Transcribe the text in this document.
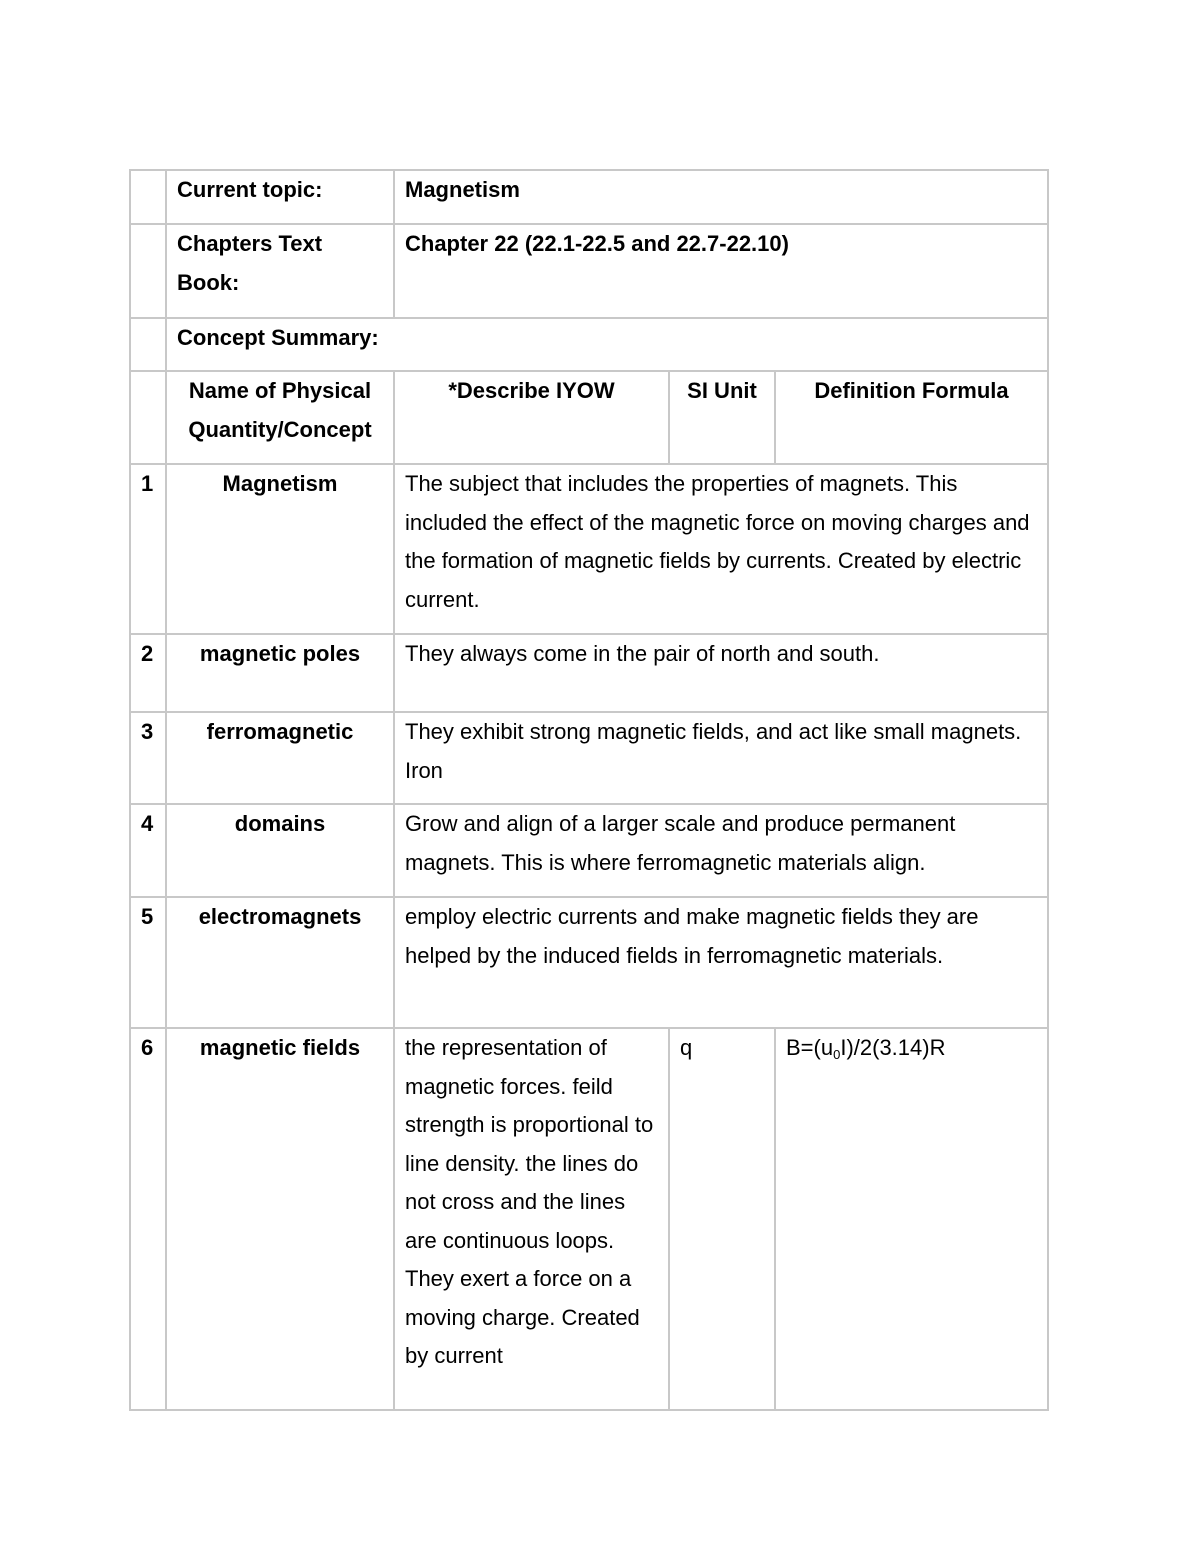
	Current topic:	Magnetism		
	Chapters Text Book:	Chapter 22 (22.1-22.5 and 22.7-22.10)		
	Concept Summary:			
	Name of Physical Quantity/Concept	*Describe IYOW	SI Unit	Definition Formula
1	Magnetism	The subject that includes the properties of magnets. This included the effect of the magnetic force on moving charges and the formation of magnetic fields by currents. Created by electric current.		
2	magnetic poles	They always come in the pair of north and south.		
3	ferromagnetic	They exhibit strong magnetic fields, and act like small magnets. Iron		
4	domains	Grow and align of a larger scale and produce permanent magnets. This is where ferromagnetic materials align.		
5	electromagnets	employ electric currents and make magnetic fields they are helped by the induced fields in ferromagnetic materials.		
6	magnetic fields	the representation of magnetic forces. feild strength is proportional to line density. the lines do not cross and the lines are continuous loops. They exert a force on a moving charge. Created by current	q	$B=(u_0I)/2(3.14)R$
